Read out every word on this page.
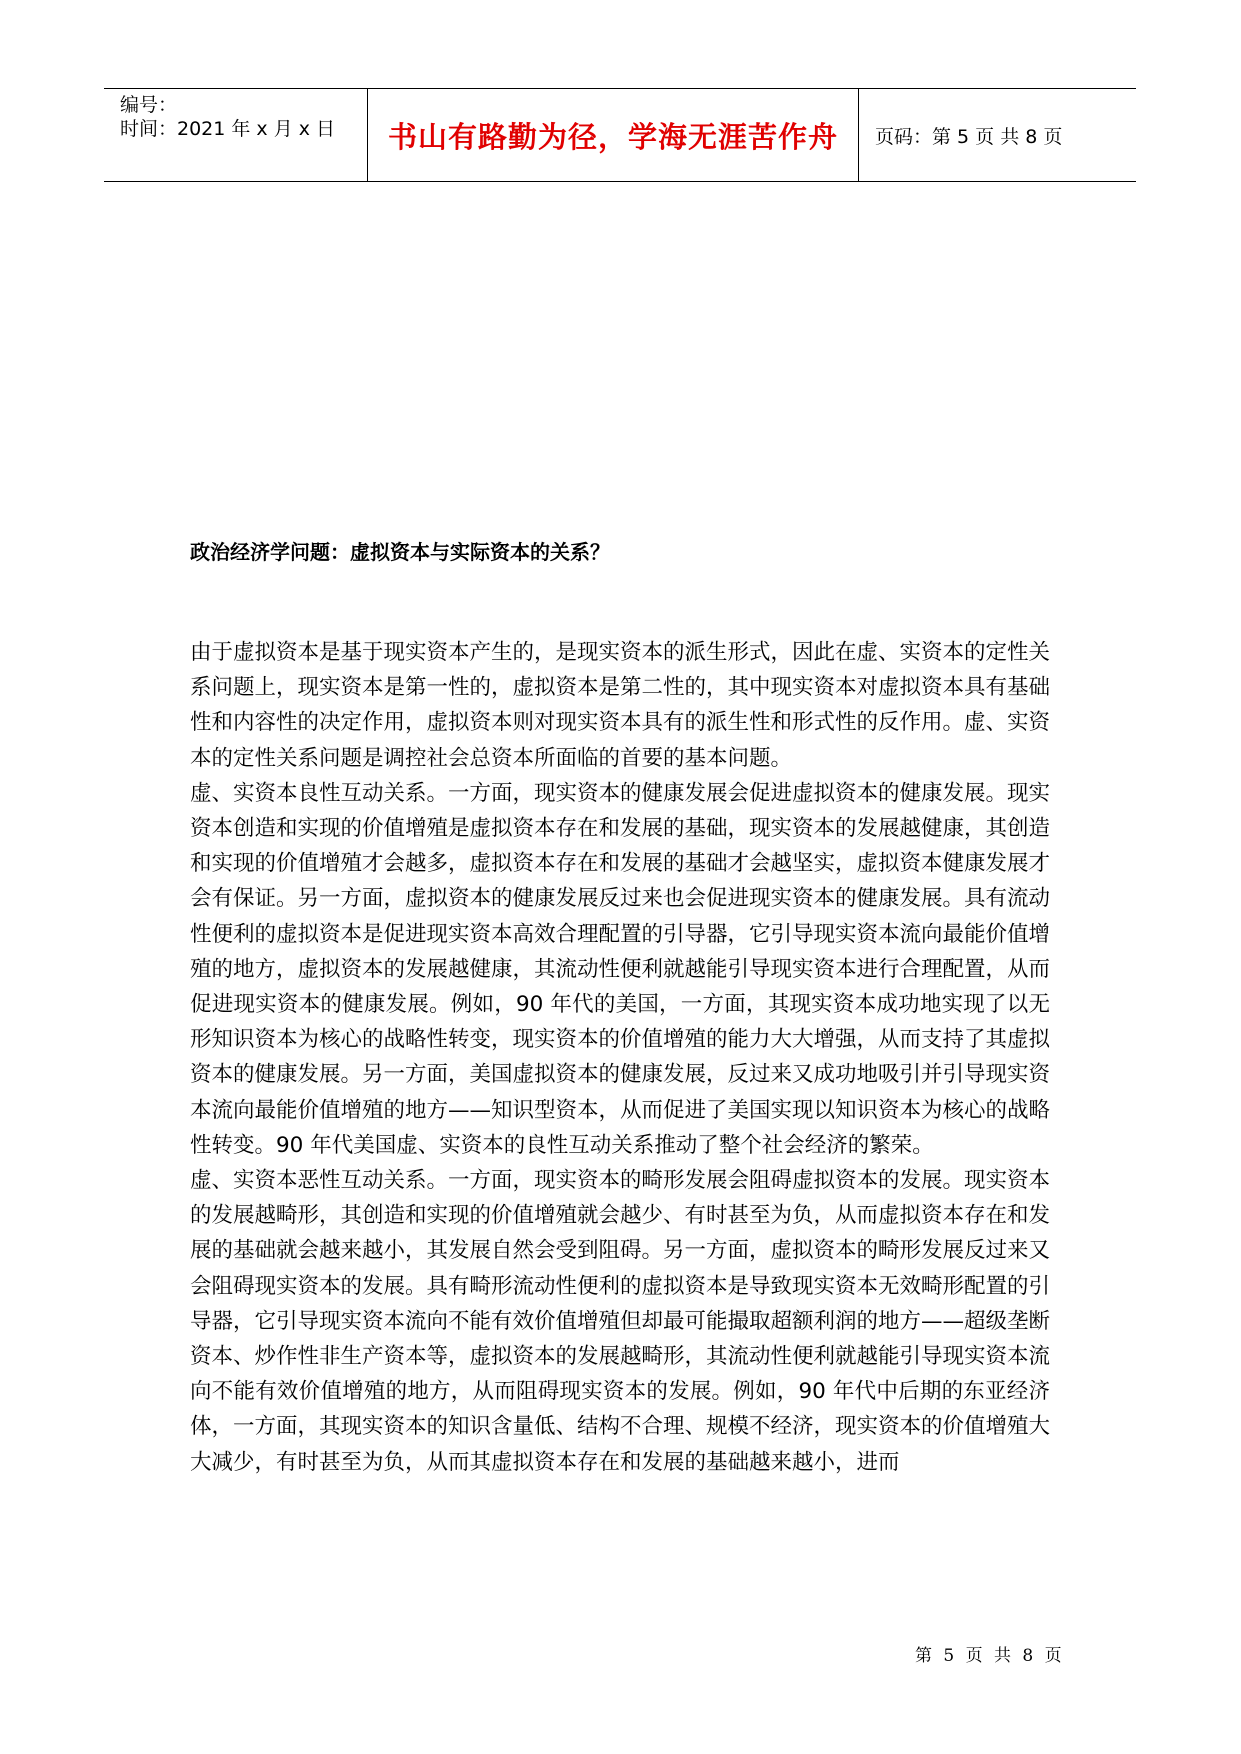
编号：
时间：2021 年 x 月 x 日 书山有路勤为径，学海无涯苦作舟 页码：第 5 页 共 8 页
政治经济学问题：虚拟资本与实际资本的关系？

由于虚拟资本是基于现实资本产生的，是现实资本的派生形式，因此在虚、实资本的定性关系问题上，现实资本是第一性的，虚拟资本是第二性的，其中现实资本对虚拟资本具有基础性和内容性的决定作用，虚拟资本则对现实资本具有的派生性和形式性的反作用。虚、实资本的定性关系问题是调控社会总资本所面临的首要的基本问题。

虚、实资本良性互动关系。一方面，现实资本的健康发展会促进虚拟资本的健康发展。现实资本创造和实现的价值增殖是虚拟资本存在和发展的基础，现实资本的发展越健康，其创造和实现的价值增殖才会越多，虚拟资本存在和发展的基础才会越坚实，虚拟资本健康发展才会有保证。另一方面，虚拟资本的健康发展反过来也会促进现实资本的健康发展。具有流动性便利的虚拟资本是促进现实资本高效合理配置的引导器，它引导现实资本流向最能价值增殖的地方，虚拟资本的发展越健康，其流动性便利就越能引导现实资本进行合理配置，从而促进现实资本的健康发展。例如，90 年代的美国，一方面，其现实资本成功地实现了以无形知识资本为核心的战略性转变，现实资本的价值增殖的能力大大增强，从而支持了其虚拟资本的健康发展。另一方面，美国虚拟资本的健康发展，反过来又成功地吸引并引导现实资本流向最能价值增殖的地方——知识型资本，从而促进了美国实现以知识资本为核心的战略性转变。90 年代美国虚、实资本的良性互动关系推动了整个社会经济的繁荣。

虚、实资本恶性互动关系。一方面，现实资本的畸形发展会阻碍虚拟资本的发展。现实资本的发展越畸形，其创造和实现的价值增殖就会越少、有时甚至为负，从而虚拟资本存在和发展的基础就会越来越小，其发展自然会受到阻碍。另一方面，虚拟资本的畸形发展反过来又会阻碍现实资本的发展。具有畸形流动性便利的虚拟资本是导致现实资本无效畸形配置的引导器，它引导现实资本流向不能有效价值增殖但却最可能撮取超额利润的地方——超级垄断资本、炒作性非生产资本等，虚拟资本的发展越畸形，其流动性便利就越能引导现实资本流向不能有效价值增殖的地方，从而阻碍现实资本的发展。例如，90 年代中后期的东亚经济体，一方面，其现实资本的知识含量低、结构不合理、规模不经济，现实资本的价值增殖大大减少，有时甚至为负，从而其虚拟资本存在和发展的基础越来越小，进而

第 5 页 共 8 页
